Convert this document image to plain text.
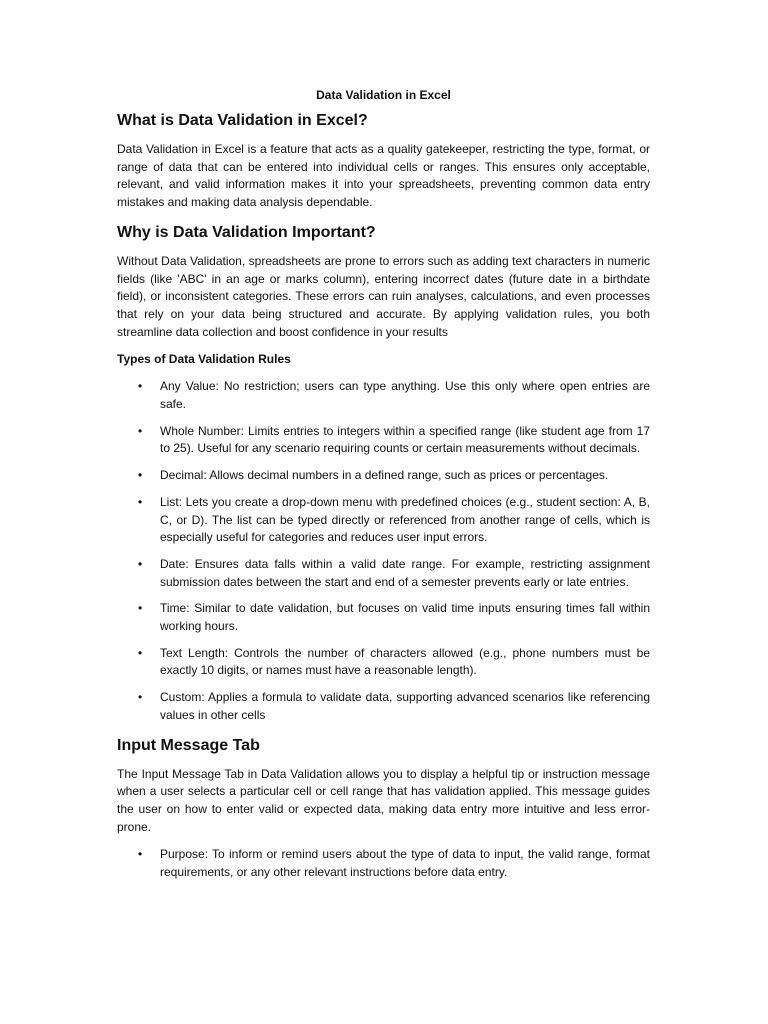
Data Validation in Excel
What is Data Validation in Excel?

Data Validation in Excel is a feature that acts as a quality gatekeeper, restricting the type, format, or range of data that can be entered into individual cells or ranges. This ensures only acceptable, relevant, and valid information makes it into your spreadsheets, preventing common data entry mistakes and making data analysis dependable.

Why is Data Validation Important?

Without Data Validation, spreadsheets are prone to errors such as adding text characters in numeric fields (like 'ABC' in an age or marks column), entering incorrect dates (future date in a birthdate field), or inconsistent categories. These errors can ruin analyses, calculations, and even processes that rely on your data being structured and accurate. By applying validation rules, you both streamline data collection and boost confidence in your results

Types of Data Validation Rules
• Any Value: No restriction; users can type anything. Use this only where open entries are safe.
• Whole Number: Limits entries to integers within a specified range (like student age from 17 to 25). Useful for any scenario requiring counts or certain measurements without decimals.
• Decimal: Allows decimal numbers in a defined range, such as prices or percentages.
• List: Lets you create a drop-down menu with predefined choices (e.g., student section: A, B, C, or D). The list can be typed directly or referenced from another range of cells, which is especially useful for categories and reduces user input errors.
• Date: Ensures data falls within a valid date range. For example, restricting assignment submission dates between the start and end of a semester prevents early or late entries.
• Time: Similar to date validation, but focuses on valid time inputs ensuring times fall within working hours.
• Text Length: Controls the number of characters allowed (e.g., phone numbers must be exactly 10 digits, or names must have a reasonable length).
• Custom: Applies a formula to validate data, supporting advanced scenarios like referencing values in other cells
Input Message Tab

The Input Message Tab in Data Validation allows you to display a helpful tip or instruction message when a user selects a particular cell or cell range that has validation applied. This message guides the user on how to enter valid or expected data, making data entry more intuitive and less error-prone.

• Purpose: To inform or remind users about the type of data to input, the valid range, format requirements, or any other relevant instructions before data entry.
